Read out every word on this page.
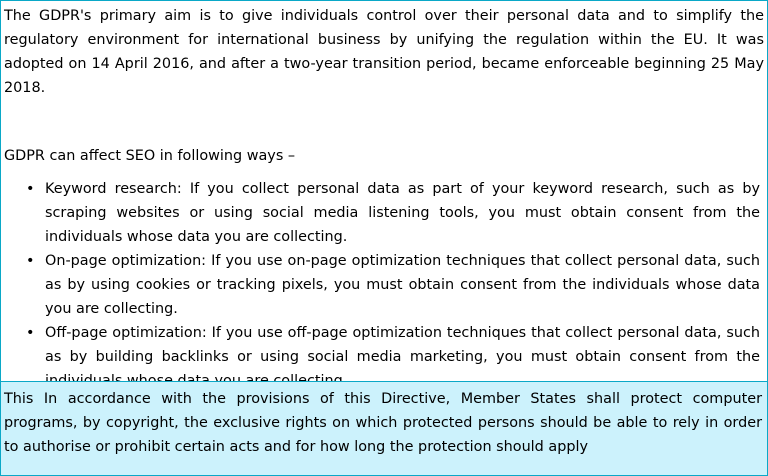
The GDPR's primary aim is to give individuals control over their personal data and to simplify the regulatory environment for international business by unifying the regulation within the EU. It was adopted on 14 April 2016, and after a two-year transition period, became enforceable beginning 25 May 2018.

GDPR can affect SEO in following ways –

• Keyword research: If you collect personal data as part of your keyword research, such as by scraping websites or using social media listening tools, you must obtain consent from the individuals whose data you are collecting.
• On-page optimization: If you use on-page optimization techniques that collect personal data, such as by using cookies or tracking pixels, you must obtain consent from the individuals whose data you are collecting.
• Off-page optimization: If you use off-page optimization techniques that collect personal data, such as by building backlinks or using social media marketing, you must obtain consent from the

This In accordance with the provisions of this Directive, Member States shall protect computer programs, by copyright, the exclusive rights on which protected persons should be able to rely in order to authorise or prohibit certain acts and for how long the protection should apply
